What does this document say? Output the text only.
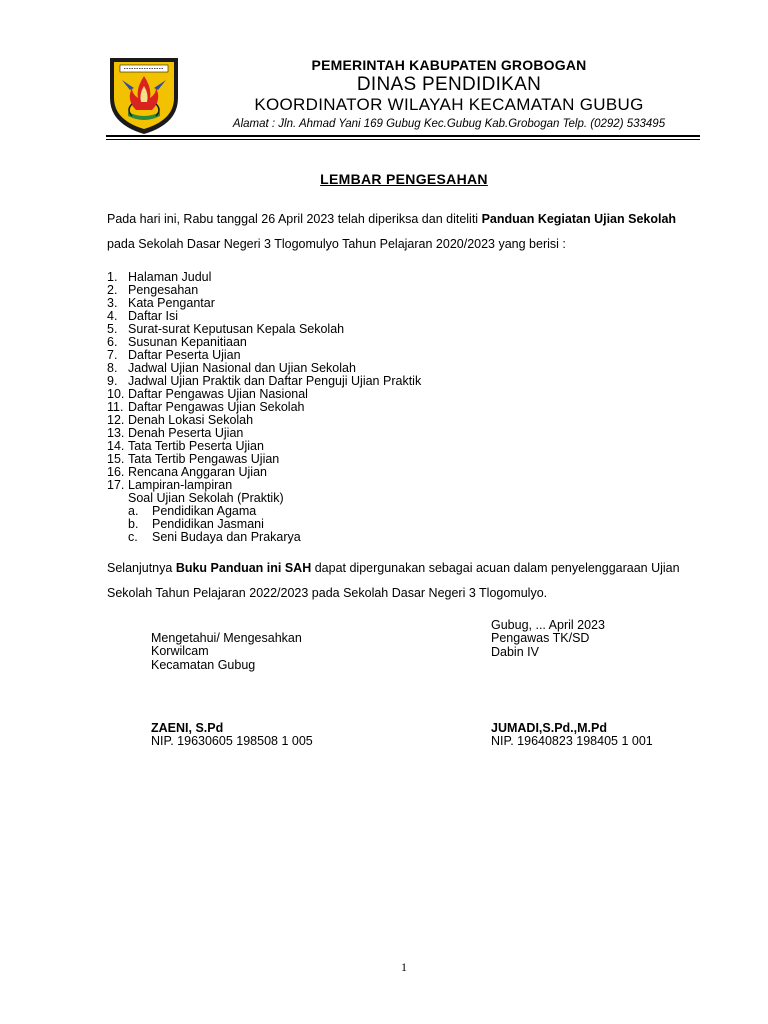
PEMERINTAH KABUPATEN GROBOGAN
DINAS PENDIDIKAN
KOORDINATOR WILAYAH KECAMATAN GUBUG
Alamat : Jln. Ahmad Yani 169 Gubug Kec.Gubug Kab.Grobogan Telp. (0292) 533495
LEMBAR PENGESAHAN
Pada hari ini, Rabu tanggal 26 April 2023 telah diperiksa dan diteliti Panduan Kegiatan Ujian Sekolah pada Sekolah Dasar Negeri 3 Tlogomulyo Tahun Pelajaran 2020/2023 yang berisi :
1. Halaman Judul
2. Pengesahan
3. Kata Pengantar
4. Daftar Isi
5. Surat-surat Keputusan Kepala Sekolah
6. Susunan Kepanitiaan
7. Daftar Peserta Ujian
8. Jadwal Ujian Nasional dan Ujian Sekolah
9. Jadwal Ujian Praktik dan Daftar Penguji Ujian Praktik
10. Daftar Pengawas Ujian Nasional
11. Daftar Pengawas Ujian Sekolah
12. Denah Lokasi Sekolah
13. Denah Peserta Ujian
14. Tata Tertib Peserta Ujian
15. Tata Tertib Pengawas Ujian
16. Rencana Anggaran Ujian
17. Lampiran-lampiran
Soal Ujian Sekolah (Praktik)
a. Pendidikan Agama
b. Pendidikan Jasmani
c. Seni Budaya dan Prakarya
Selanjutnya Buku Panduan ini SAH dapat dipergunakan sebagai acuan dalam penyelenggaraan Ujian Sekolah Tahun Pelajaran 2022/2023 pada Sekolah Dasar Negeri 3 Tlogomulyo.
Gubug, ... April 2023
Pengawas TK/SD
Dabin IV
JUMADI,S.Pd.,M.Pd
NIP. 19640823 198405 1 001
Mengetahui/ Mengesahkan
Korwilcam
Kecamatan Gubug
ZAENI, S.Pd
NIP. 19630605 198508 1 005
1
